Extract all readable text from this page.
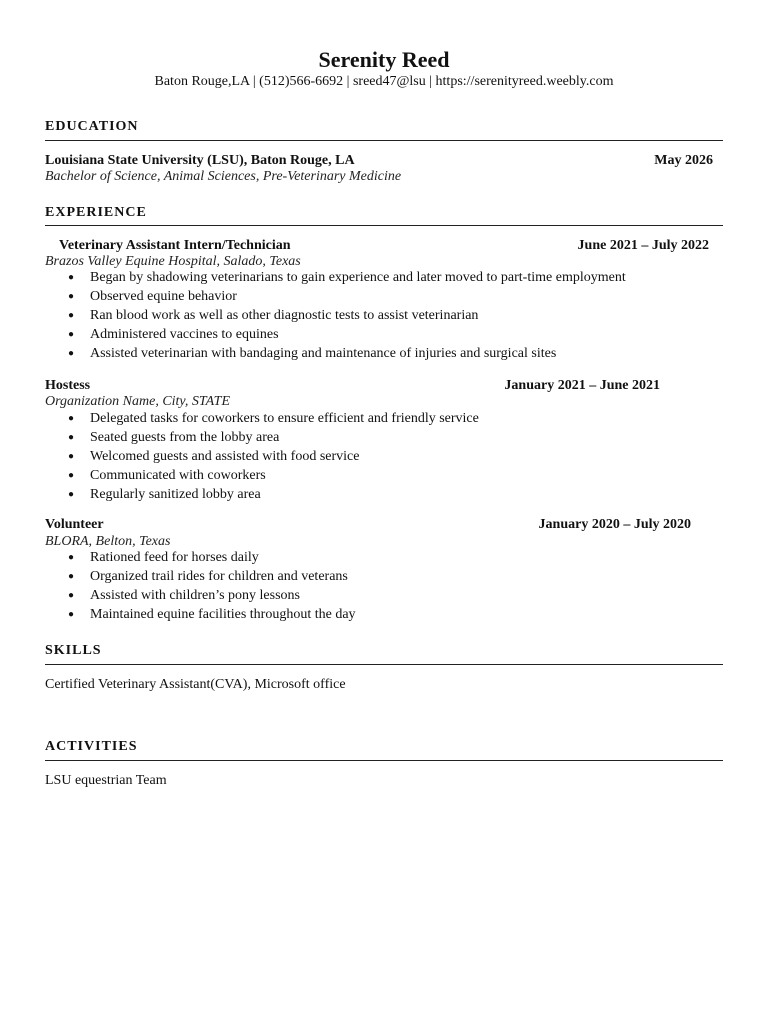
Serenity Reed
Baton Rouge,LA | (512)566-6692 | sreed47@lsu | https://serenityreed.weebly.com
EDUCATION
Louisiana State University (LSU), Baton Rouge, LA	May 2026
Bachelor of Science, Animal Sciences, Pre-Veterinary Medicine
EXPERIENCE
Veterinary Assistant Intern/Technician	June 2021 – July 2022
Brazos Valley Equine Hospital, Salado, Texas
● Began by shadowing veterinarians to gain experience and later moved to part-time employment
● Observed equine behavior
● Ran blood work as well as other diagnostic tests to assist veterinarian
● Administered vaccines to equines
● Assisted veterinarian with bandaging and maintenance of injuries and surgical sites
Hostess	January 2021 – June 2021
Organization Name, City, STATE
● Delegated tasks for coworkers to ensure efficient and friendly service
● Seated guests from the lobby area
● Welcomed guests and assisted with food service
● Communicated with coworkers
● Regularly sanitized lobby area
Volunteer	January 2020 – July 2020
BLORA, Belton, Texas
● Rationed feed for horses daily
● Organized trail rides for children and veterans
● Assisted with children’s pony lessons
● Maintained equine facilities throughout the day
SKILLS
Certified Veterinary Assistant(CVA), Microsoft office
ACTIVITIES
LSU equestrian Team
